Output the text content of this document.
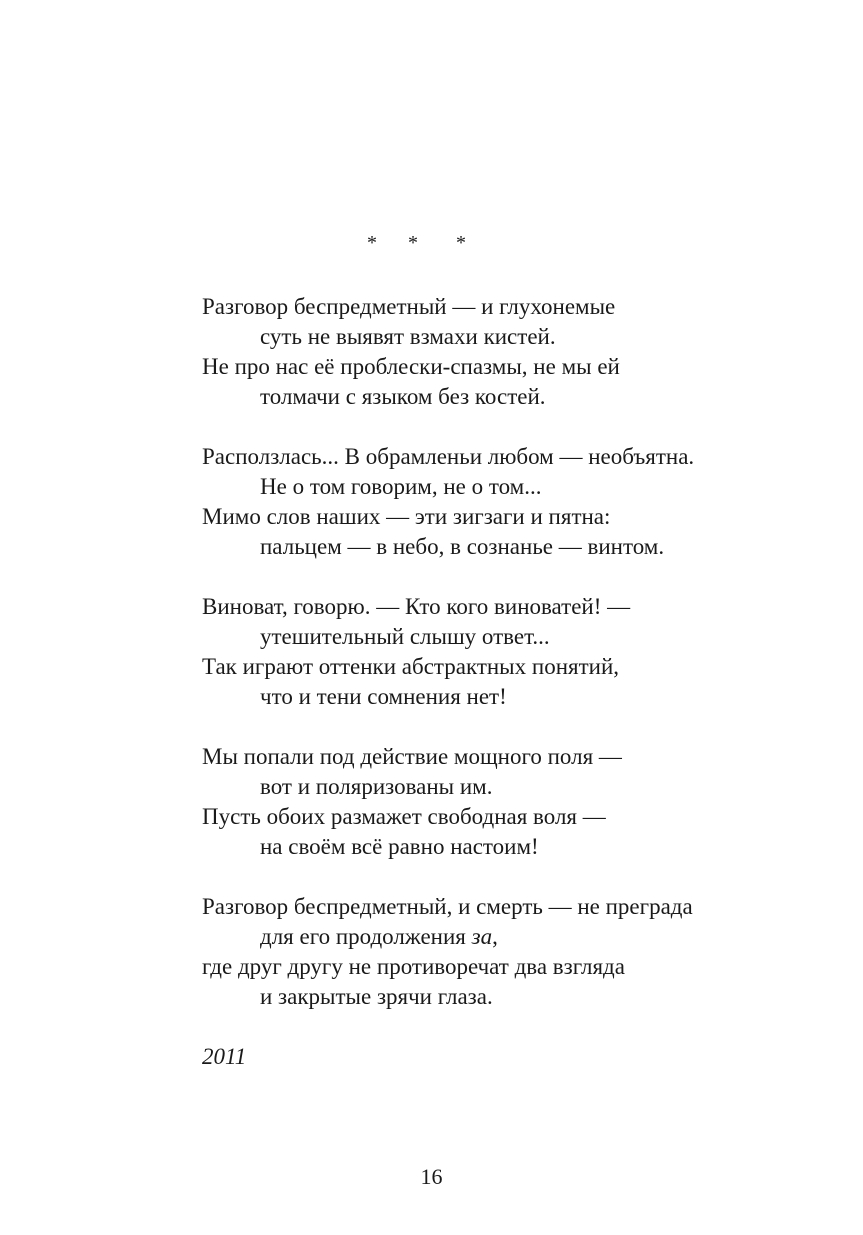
* * *

Разговор беспредметный — и глухонемые
суть не выявят взмахи кистей.
Не про нас её проблески-спазмы, не мы ей
толмачи с языком без костей.

Расползлась... В обрамленьи любом — необъятна.
Не о том говорим, не о том...
Мимо слов наших — эти зигзаги и пятна:
пальцем — в небо, в сознанье — винтом.

Виноват, говорю. — Кто кого виноватей! —
утешительный слышу ответ...
Так играют оттенки абстрактных понятий,
что и тени сомнения нет!

Мы попали под действие мощного поля —
вот и поляризованы им.
Пусть обоих размажет свободная воля —
на своём всё равно настоим!

Разговор беспредметный, и смерть — не преграда
для его продолжения за,
где друг другу не противоречат два взгляда
и закрытые зрячи глаза.

2011
16
